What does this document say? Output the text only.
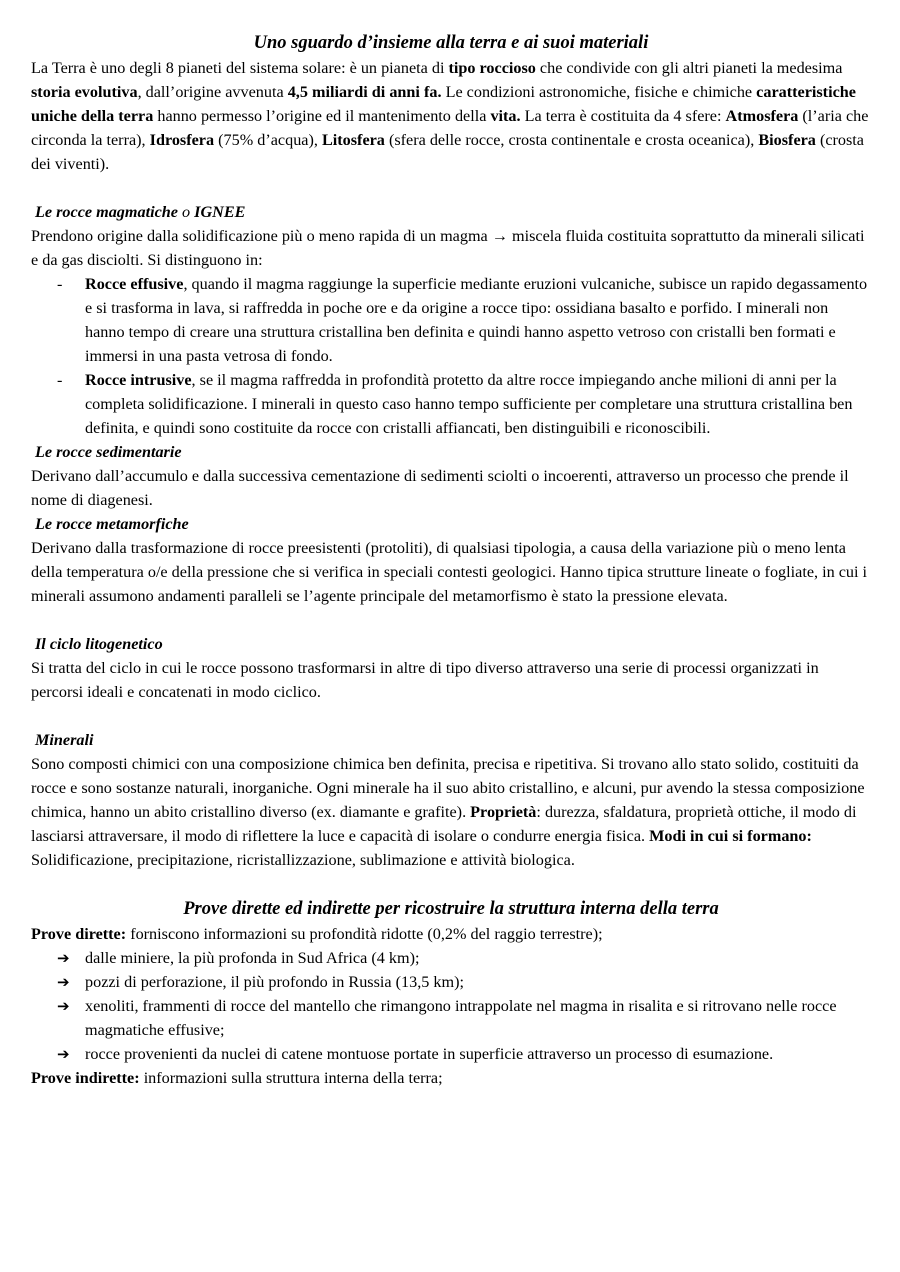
Uno sguardo d’insieme alla terra e ai suoi materiali

La Terra è uno degli 8 pianeti del sistema solare: è un pianeta di tipo roccioso che condivide con gli altri pianeti la medesima storia evolutiva, dall’origine avvenuta 4,5 miliardi di anni fa. Le condizioni astronomiche, fisiche e chimiche caratteristiche uniche della terra hanno permesso l’origine ed il mantenimento della vita. La terra è costituita da 4 sfere: Atmosfera (l’aria che circonda la terra), Idrosfera (75% d’acqua), Litosfera (sfera delle rocce, crosta continentale e crosta oceanica), Biosfera (crosta dei viventi).

Le rocce magmatiche o IGNEE

Prendono origine dalla solidificazione più o meno rapida di un magma → miscela fluida costituita soprattutto da minerali silicati e da gas disciolti. Si distinguono in:

- Rocce effusive, quando il magma raggiunge la superficie mediante eruzioni vulcaniche, subisce un rapido degassamento e si trasforma in lava, si raffredda in poche ore e da origine a rocce tipo: ossidiana basalto e porfido. I minerali non hanno tempo di creare una struttura cristallina ben definita e quindi hanno aspetto vetroso con cristalli ben formati e immersi in una pasta vetrosa di fondo.
- Rocce intrusive, se il magma raffredda in profondità protetto da altre rocce impiegando anche milioni di anni per la completa solidificazione. I minerali in questo caso hanno tempo sufficiente per completare una struttura cristallina ben definita, e quindi sono costituite da rocce con cristalli affiancati, ben distinguibili e riconoscibili.

Le rocce sedimentarie

Derivano dall’accumulo e dalla successiva cementazione di sedimenti sciolti o incoerenti, attraverso un processo che prende il nome di diagenesi.

Le rocce metamorfiche

Derivano dalla trasformazione di rocce preesistenti (protoliti), di qualsiasi tipologia, a causa della variazione più o meno lenta della temperatura o/e della pressione che si verifica in speciali contesti geologici. Hanno tipica strutture lineate o fogliate, in cui i minerali assumono andamenti paralleli se l’agente principale del metamorfismo è stato la pressione elevata.

Il ciclo litogenetico

Si tratta del ciclo in cui le rocce possono trasformarsi in altre di tipo diverso attraverso una serie di processi organizzati in percorsi ideali e concatenati in modo ciclico.

Minerali

Sono composti chimici con una composizione chimica ben definita, precisa e ripetitiva. Si trovano allo stato solido, costituiti da rocce e sono sostanze naturali, inorganiche. Ogni minerale ha il suo abito cristallino, e alcuni, pur avendo la stessa composizione chimica, hanno un abito cristallino diverso (ex. diamante e grafite). Proprietà: durezza, sfaldatura, proprietà ottiche, il modo di lasciarsi attraversare, il modo di riflettere la luce e capacità di isolare o condurre energia fisica. Modi in cui si formano: Solidificazione, precipitazione, ricristallizzazione, sublimazione e attività biologica.

Prove dirette ed indirette per ricostruire la struttura interna della terra

Prove dirette: forniscono informazioni su profondità ridotte (0,2% del raggio terrestre);

➔ dalle miniere, la più profonda in Sud Africa (4 km);
➔ pozzi di perforazione, il più profondo in Russia (13,5 km);
➔ xenoliti, frammenti di rocce del mantello che rimangono intrappolate nel magma in risalita e si ritrovano nelle rocce magmatiche effusive;
➔ rocce provenienti da nuclei di catene montuose portate in superficie attraverso un processo di esumazione.

Prove indirette: informazioni sulla struttura interna della terra;
